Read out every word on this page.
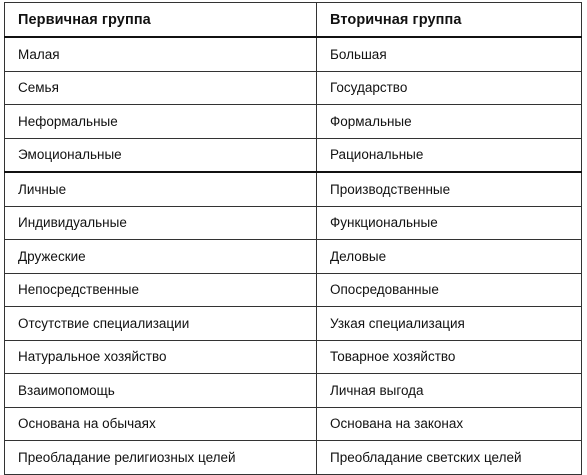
Первичная группа	Вторичная группа
Малая	Большая
Семья	Государство
Неформальные	Формальные
Эмоциональные	Рациональные
Личные	Производственные
Индивидуальные	Функциональные
Дружеские	Деловые
Непосредственные	Опосредованные
Отсутствие специализации	Узкая специализация
Натуральное хозяйство	Товарное хозяйство
Взаимопомощь	Личная выгода
Основана на обычаях	Основана на законах
Преобладание религиозных целей	Преобладание светских целей
